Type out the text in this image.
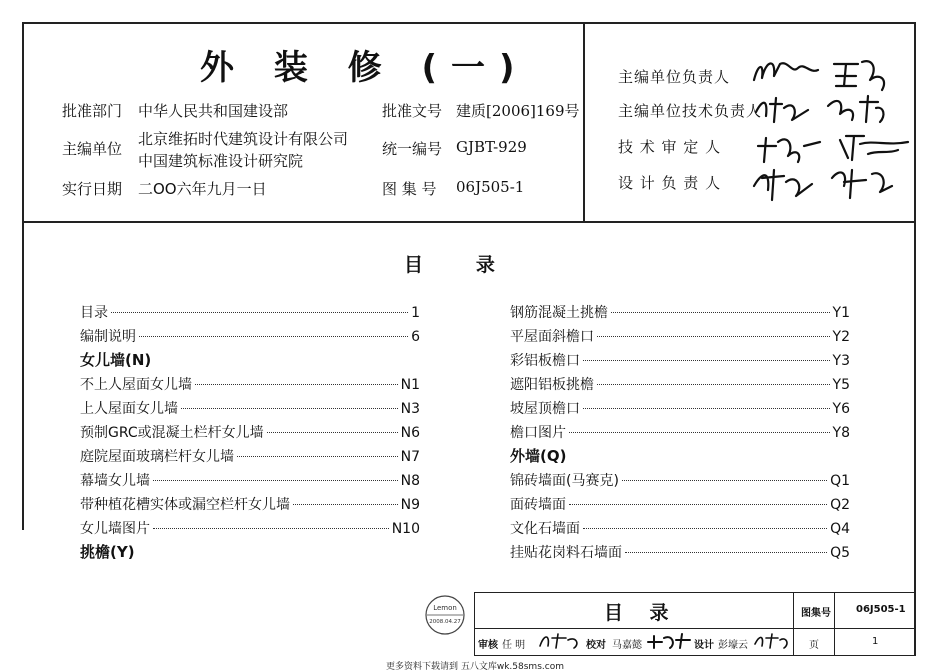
外 装 修 (一)
批准部门 中华人民共和国建设部
主编单位
北京维拓时代建筑设计有限公司
中国建筑标准设计研究院
实行日期 二OO六年九月一日
批准文号 建质[2006]169号
统一编号 GJBT-929
图 集 号 06J505-1
主编单位负责人
主编单位技术负责人
技 术 审 定 人
设 计 负 责 人
目        录
目录	1
编制说明	6
女儿墙(N)
不上人屋面女儿墙	N1
上人屋面女儿墙	N3
预制GRC或混凝土栏杆女儿墙	N6
庭院屋面玻璃栏杆女儿墙	N7
幕墙女儿墙	N8
带种植花槽实体或漏空栏杆女儿墙	N9
女儿墙图片	N10
挑檐(Y)
钢筋混凝土挑檐	Y1
平屋面斜檐口	Y2
彩铝板檐口	Y3
遮阳铝板挑檐	Y5
坡屋顶檐口	Y6
檐口图片	Y8
外墙(Q)
锦砖墙面(马赛克)	Q1
面砖墙面	Q2
文化石墙面	Q4
挂贴花岗料石墙面	Q5
Lemon
2008.04.27	目    录	图集号	06J505-1
审核 任 明	校对 马嘉懿	设计 彭壕云	页	1
更多资料下载请到 五八文库wk.58sms.com
